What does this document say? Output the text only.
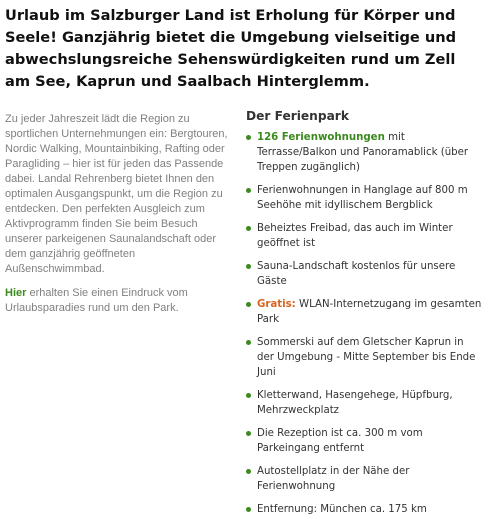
Urlaub im Salzburger Land ist Erholung für Körper und Seele! Ganzjährig bietet die Umgebung vielseitige und abwechslungsreiche Sehenswürdigkeiten rund um Zell am See, Kaprun und Saalbach Hinterglemm.

Zu jeder Jahreszeit lädt die Region zu sportlichen Unternehmungen ein: Bergtouren, Nordic Walking, Mountainbiking, Rafting oder Paragliding – hier ist für jeden das Passende dabei. Landal Rehrenberg bietet Ihnen den optimalen Ausgangspunkt, um die Region zu entdecken. Den perfekten Ausgleich zum Aktivprogramm finden Sie beim Besuch unserer parkeigenen Saunalandschaft oder dem ganzjährig geöffneten Außenschwimmbad.

Hier erhalten Sie einen Eindruck vom Urlaubsparadies rund um den Park.

Der Ferienpark
126 Ferienwohnungen mit Terrasse/Balkon und Panoramablick (über Treppen zugänglich)
Ferienwohnungen in Hanglage auf 800 m Seehöhe mit idyllischem Bergblick
Beheiztes Freibad, das auch im Winter geöffnet ist
Sauna-Landschaft kostenlos für unsere Gäste
Gratis: WLAN-Internetzugang im gesamten Park
Sommerski auf dem Gletscher Kaprun in der Umgebung - Mitte September bis Ende Juni
Kletterwand, Hasengehege, Hüpfburg, Mehrzweckplatz
Die Rezeption ist ca. 300 m vom Parkeingang entfernt
Autostellplatz in der Nähe der Ferienwohnung
Entfernung: München ca. 175 km
